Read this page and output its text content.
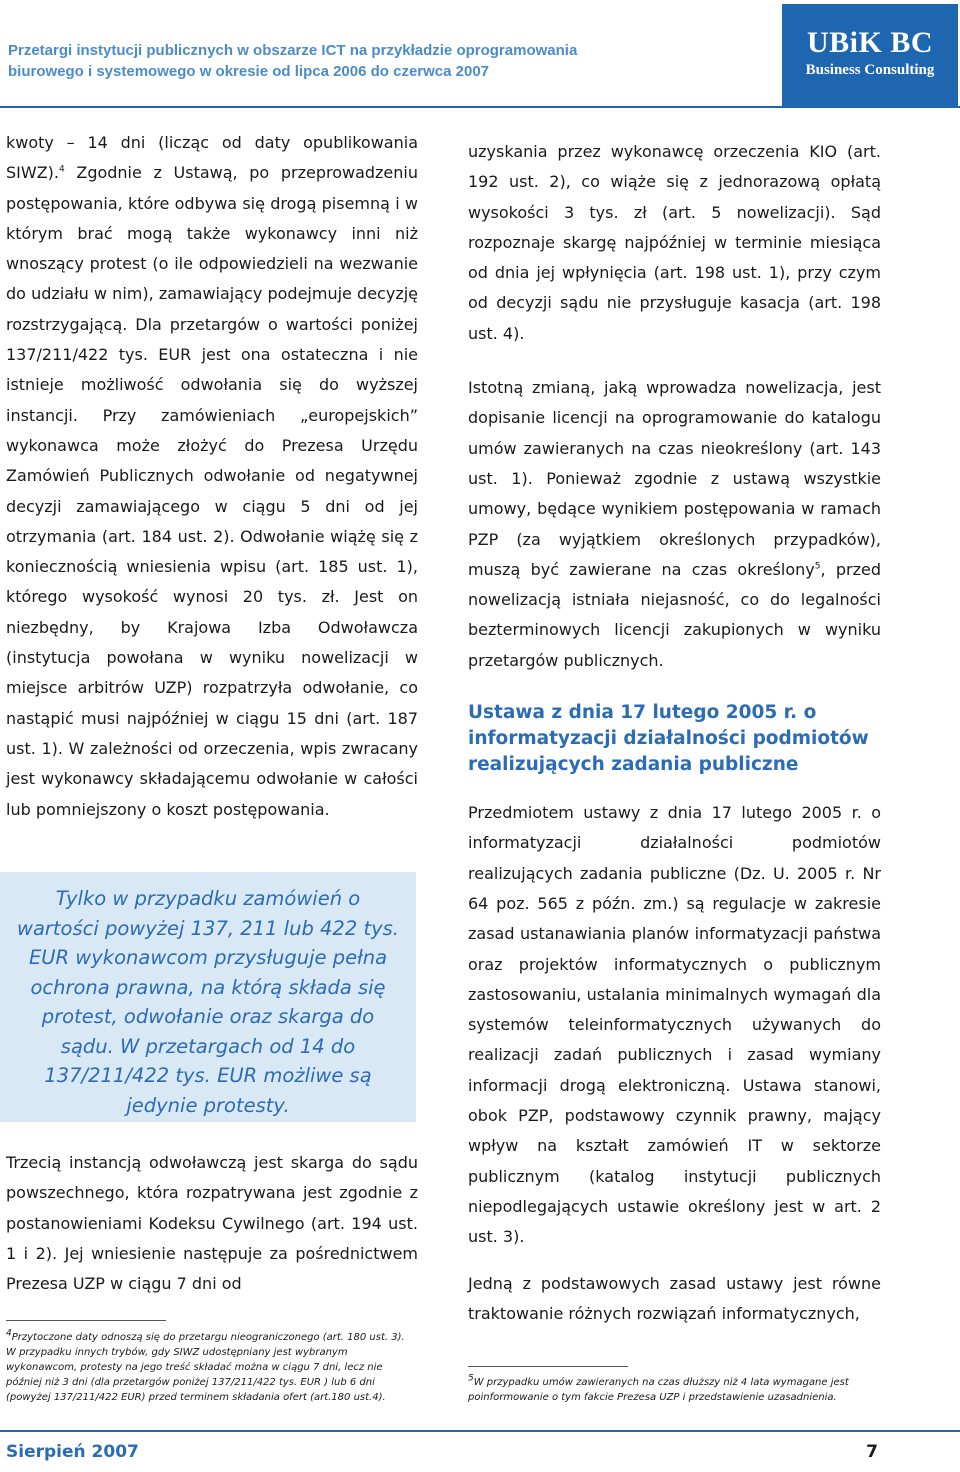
Przetargi instytucji publicznych w obszarze ICT na przykładzie oprogramowania biurowego i systemowego w okresie od lipca 2006 do czerwca 2007
UBiK BC
Business Consulting

kwoty – 14 dni (licząc od daty opublikowania SIWZ).$^4$ Zgodnie z Ustawą, po przeprowadzeniu postępowania, które odbywa się drogą pisemną i w którym brać mogą także wykonawcy inni niż wnoszący protest (o ile odpowiedzieli na wezwanie do udziału w nim), zamawiający podejmuje decyzję rozstrzygającą. Dla przetargów o wartości poniżej 137/211/422 tys. EUR jest ona ostateczna i nie istnieje możliwość odwołania się do wyższej instancji. Przy zamówieniach „europejskich” wykonawca może złożyć do Prezesa Urzędu Zamówień Publicznych odwołanie od negatywnej decyzji zamawiającego w ciągu 5 dni od jej otrzymania (art. 184 ust. 2). Odwołanie wiążę się z koniecznością wniesienia wpisu (art. 185 ust. 1), którego wysokość wynosi 20 tys. zł. Jest on niezbędny, by Krajowa Izba Odwoławcza (instytucja powołana w wyniku nowelizacji w miejsce arbitrów UZP) rozpatrzyła odwołanie, co nastąpić musi najpóźniej w ciągu 15 dni (art. 187 ust. 1). W zależności od orzeczenia, wpis zwracany jest wykonawcy składającemu odwołanie w całości lub pomniejszony o koszt postępowania.

Tylko w przypadku zamówień o wartości powyżej 137, 211 lub 422 tys. EUR wykonawcom przysługuje pełna ochrona prawna, na którą składa się protest, odwołanie oraz skarga do sądu. W przetargach od 14 do 137/211/422 tys. EUR możliwe są jedynie protesty.

Trzecią instancją odwoławczą jest skarga do sądu powszechnego, która rozpatrywana jest zgodnie z postanowieniami Kodeksu Cywilnego (art. 194 ust. 1 i 2). Jej wniesienie następuje za pośrednictwem Prezesa UZP w ciągu 7 dni od

$^4$Przytoczone daty odnoszą się do przetargu nieograniczonego (art. 180 ust. 3). W przypadku innych trybów, gdy SIWZ udostępniany jest wybranym wykonawcom, protesty na jego treść składać można w ciągu 7 dni, lecz nie później niż 3 dni (dla przetargów poniżej 137/211/422 tys. EUR ) lub 6 dni (powyżej 137/211/422 EUR) przed terminem składania ofert (art.180 ust.4).

uzyskania przez wykonawcę orzeczenia KIO (art. 192 ust. 2), co wiąże się z jednorazową opłatą wysokości 3 tys. zł (art. 5 nowelizacji). Sąd rozpoznaje skargę najpóźniej w terminie miesiąca od dnia jej wpłynięcia (art. 198 ust. 1), przy czym od decyzji sądu nie przysługuje kasacja (art. 198 ust. 4).

Istotną zmianą, jaką wprowadza nowelizacja, jest dopisanie licencji na oprogramowanie do katalogu umów zawieranych na czas nieokreślony (art. 143 ust. 1). Ponieważ zgodnie z ustawą wszystkie umowy, będące wynikiem postępowania w ramach PZP (za wyjątkiem określonych przypadków), muszą być zawierane na czas określony$^5$, przed nowelizacją istniała niejasność, co do legalności bezterminowych licencji zakupionych w wyniku przetargów publicznych.

Ustawa z dnia 17 lutego 2005 r. o informatyzacji działalności podmiotów realizujących zadania publiczne

Przedmiotem ustawy z dnia 17 lutego 2005 r. o informatyzacji działalności podmiotów realizujących zadania publiczne (Dz. U. 2005 r. Nr 64 poz. 565 z późn. zm.) są regulacje w zakresie zasad ustanawiania planów informatyzacji państwa oraz projektów informatycznych o publicznym zastosowaniu, ustalania minimalnych wymagań dla systemów teleinformatycznych używanych do realizacji zadań publicznych i zasad wymiany informacji drogą elektroniczną. Ustawa stanowi, obok PZP, podstawowy czynnik prawny, mający wpływ na kształt zamówień IT w sektorze publicznym (katalog instytucji publicznych niepodlegających ustawie określony jest w art. 2 ust. 3).

Jedną z podstawowych zasad ustawy jest równe traktowanie różnych rozwiązań informatycznych,

$^5$W przypadku umów zawieranych na czas dłuższy niż 4 lata wymagane jest poinformowanie o tym fakcie Prezesa UZP i przedstawienie uzasadnienia.
Sierpień 2007	7
